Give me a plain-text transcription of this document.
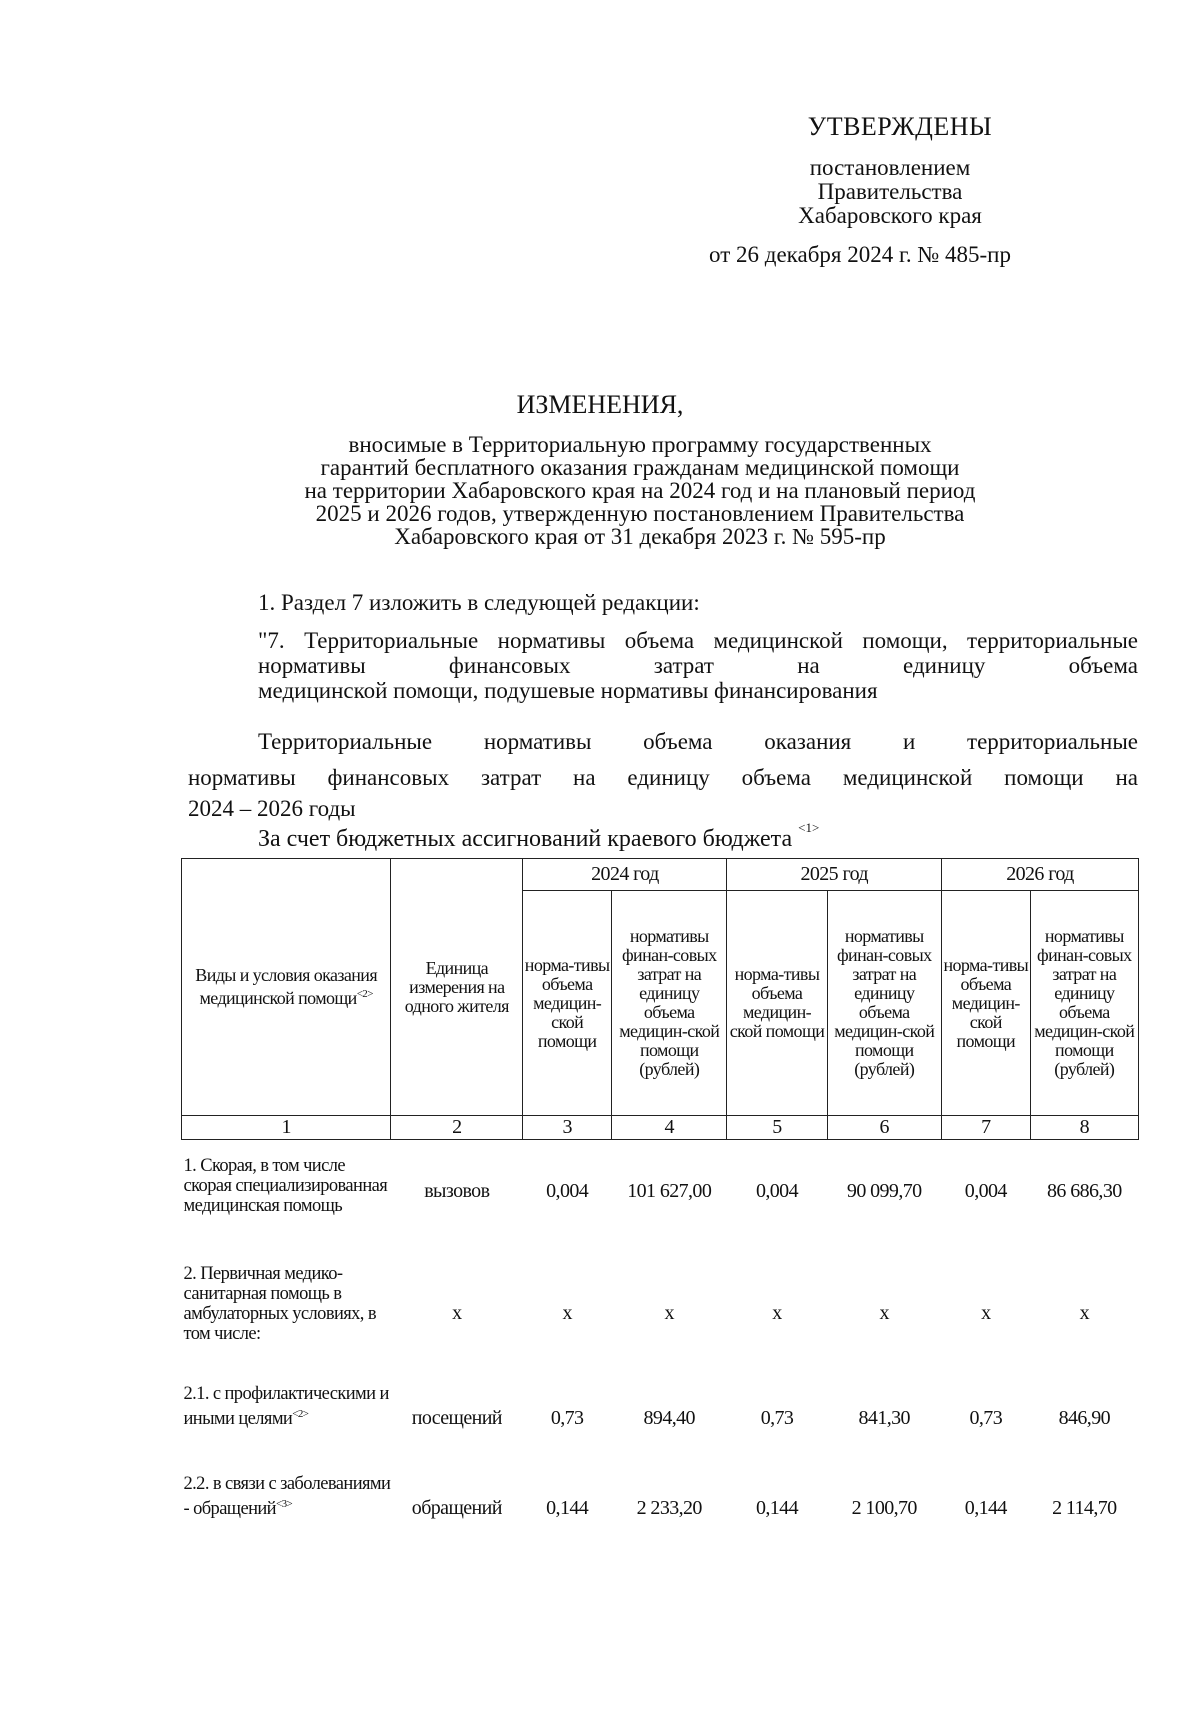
УТВЕРЖДЕНЫ
постановлением
Правительства
Хабаровского края
от 26 декабря 2024 г. № 485-пр
ИЗМЕНЕНИЯ,
вносимые в Территориальную программу государственных
гарантий бесплатного оказания гражданам медицинской помощи
на территории Хабаровского края на 2024 год и на плановый период
2025 и 2026 годов, утвержденную постановлением Правительства
Хабаровского края от 31 декабря 2023 г. № 595-пр
1. Раздел 7 изложить в следующей редакции:
"7. Территориальные нормативы объема медицинской помощи, территориальные нормативы финансовых затрат на единицу объема
медицинской помощи, подушевые нормативы финансирования
Территориальные нормативы объема оказания и территориальные
нормативы финансовых затрат на единицу объема медицинской помощи на
2024 – 2026 годы
За счет бюджетных ассигнований краевого бюджета $^{<1>}$
Виды и условия оказания медицинской помощи$^{<2>}$	Единица измерения на одного жителя	2024 год		2025 год		2026 год	
		норма-тивы объема медицин-ской помощи	нормативы финан-совых затрат на единицу объема медицин-ской помощи (рублей)	норма-тивы объема медицин-ской помощи	нормативы финан-совых затрат на единицу объема медицин-ской помощи (рублей)	норма-тивы объема медицин-ской помощи	нормативы финан-совых затрат на единицу объема медицин-ской помощи (рублей)
1	2	3	4	5	6	7	8
1. Скорая, в том числе скорая специализированная медицинская помощь	вызовов	0,004	101 627,00	0,004	90 099,70	0,004	86 686,30
2. Первичная медико-санитарная помощь в амбулаторных условиях, в том числе:	х	х	х	х	х	х	х
2.1. с профилактическими и иными целями$^{<2>}$	посещений	0,73	894,40	0,73	841,30	0,73	846,90
2.2. в связи с заболеваниями - обращений$^{<3>}$	обращений	0,144	2 233,20	0,144	2 100,70	0,144	2 114,70
